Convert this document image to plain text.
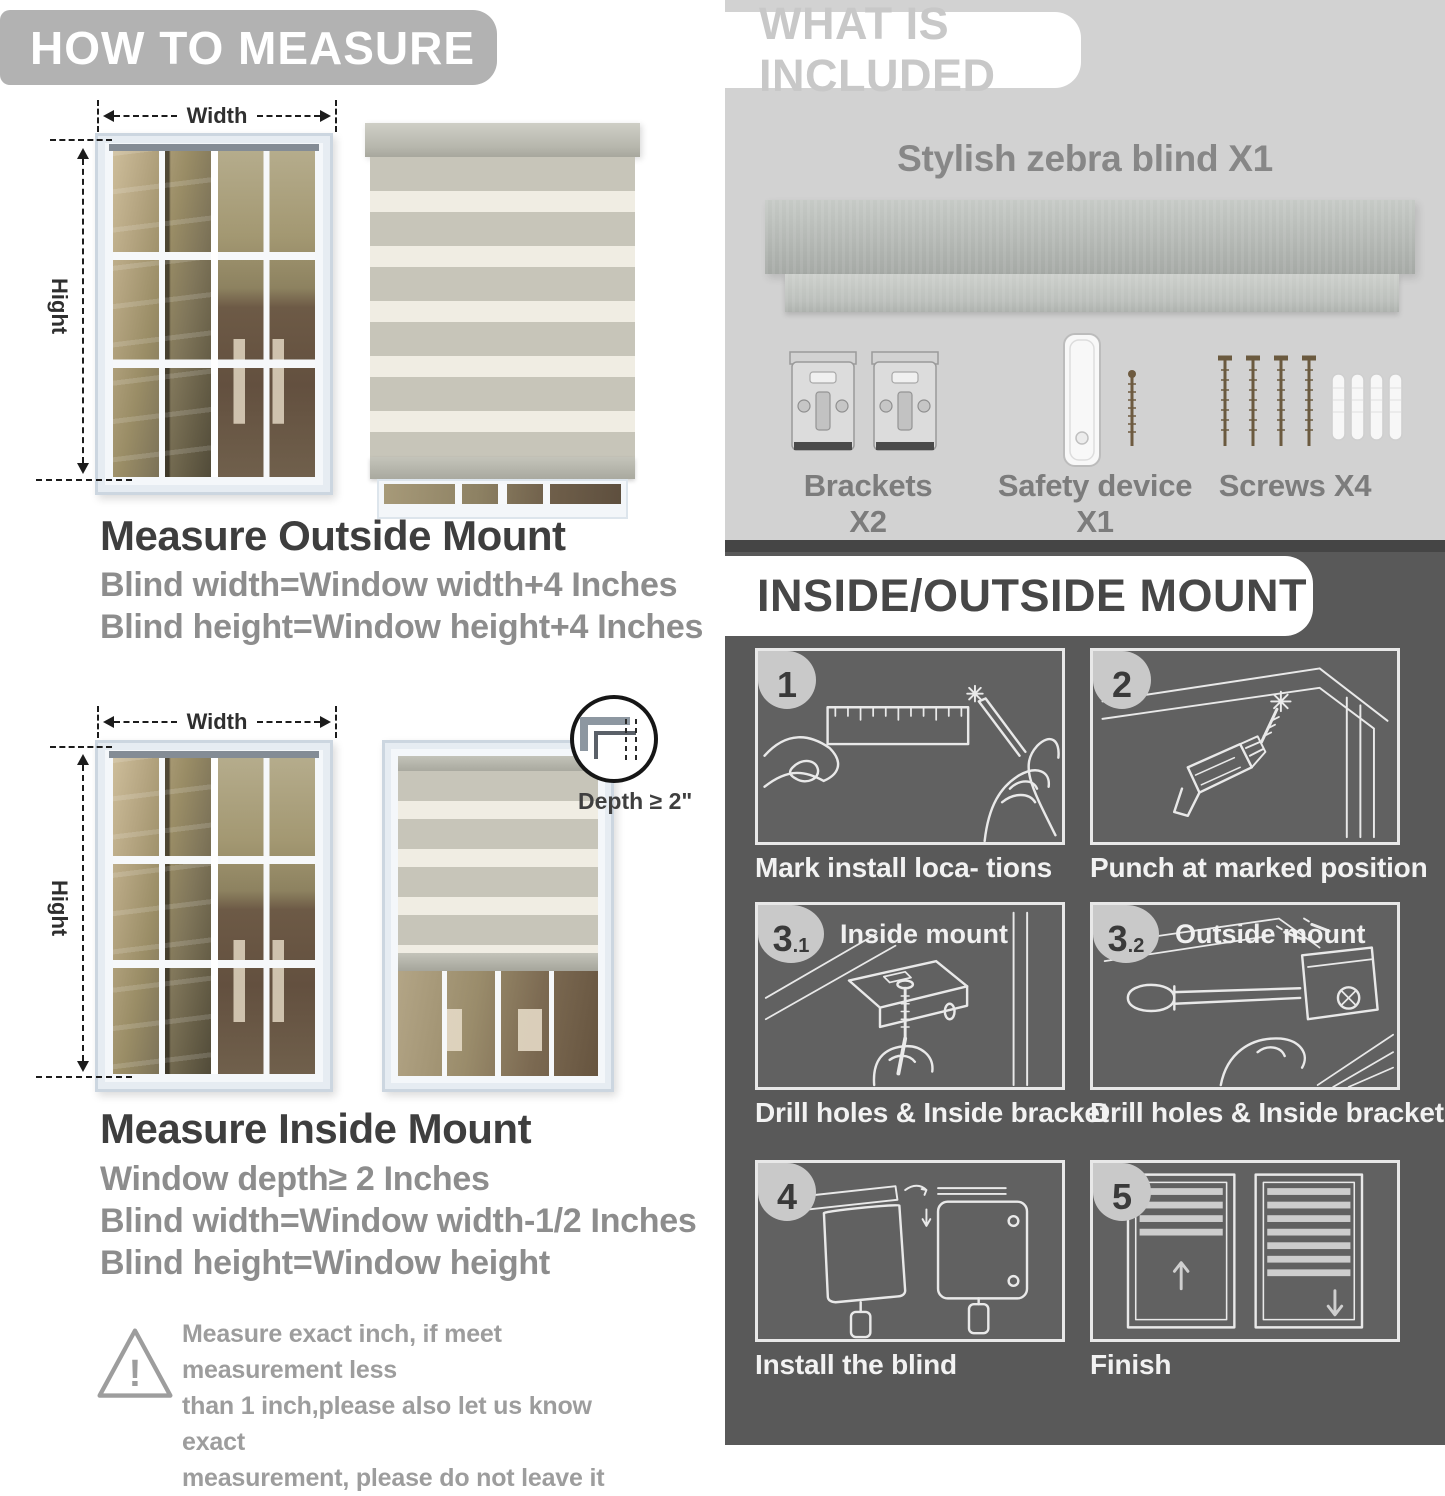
HOW TO MEASURE
Width
Hight
Measure Outside Mount
Blind width=Window width+4 Inches
Blind height=Window height+4 Inches
Width
Hight
Depth ≥ 2"
Measure Inside Mount
Window depth≥ 2 Inches
Blind width=Window width-1/2 Inches
Blind height=Window height
!
Measure exact inch, if meet measurement less
than 1 inch,please also let us know exact
measurement, please do not leave it
WHAT IS INCLUDED
Stylish zebra blind X1
Brackets X2
Safety device X1
Screws X4
INSIDE/OUTSIDE MOUNT
1
Mark install loca- tions
2
Punch at marked position
3 .1 Inside mount
Drill holes & Inside bracket
3 .2 Outside mount
Drill holes & Inside bracket
4
Install the blind
5
Finish
